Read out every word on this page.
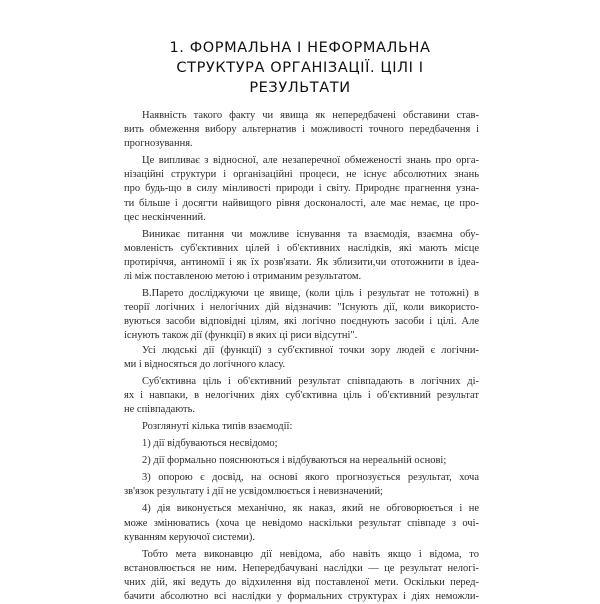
1. ФОРМАЛЬНА І НЕФОРМАЛЬНА
СТРУКТУРА ОРГАНІЗАЦІЇ. ЦІЛІ І
РЕЗУЛЬТАТИ
Наявність такого факту чи явища як непередбачені обставини став-
вить обмеження вибору альтернатив і можливості точного передбачення і
прогнозування.
Це випливає з відносної, але незаперечної обмеженості знань про орга-
нізаційні структури і організаційні процеси, не існує абсолютних знань
про будь-що в силу мінливості природи і світу. Природнє прагнення узна-
ти більше і досягти найвищого рівня досконалості, але має немає, це про-
цес нескінченний.
Виникає питання чи можливе існування та взаємодія, взаємна обу-
мовленість суб'єктивних цілей і об'єктивних наслідків, які мають місце
протиріччя, антиномії і як їх розв'язати. Як зблизити,чи ототожнити в ідеа-
лі між поставленою метою і отриманим результатом.
В.Парето досліджуючи це явище, (коли ціль і результат не тотожні) в
теорії логічних і нелогічних дій відзначив: "Існують дії, коли використо-
вуються засоби відповідні цілям, які логічно поєднують засоби і цілі. Але
існують також дії (функції) в яких ці риси відсутні".
Усі людські дії (функції) з суб'єктивної точки зору людей є логічни-
ми і відносяться до логічного класу.
Суб'єктивна ціль і об'єктивний результат співпадають в логічних ді-
ях і навпаки, в нелогічних діях суб'єктивна ціль і об'єктивний результат
не співпадають.
Розглянуті кілька типів взаємодії:
1) дії відбуваються несвідомо;
2) дії формально пояснюються і відбуваються на нереальній основі;
3) опорою є досвід, на основі якого прогнозується результат, хоча
зв'язок результату і дії не усвідомлюється і невизначений;
4) дія виконується механічно, як наказ, який не обговорюється і не
може змінюватись (хоча це невідомо наскільки результат співпаде з очі-
куванням керуючої системи).
Тобто мета виконавцю дії невідома, або навіть якщо і відома, то
встановлюється не ним. Непередбачувані наслідки — це результат нелогі-
чних дій, які ведуть до відхилення від поставленої мети. Оскільки перед-
бачити абсолютно всі наслідки у формальних структурах і діях неможли-
